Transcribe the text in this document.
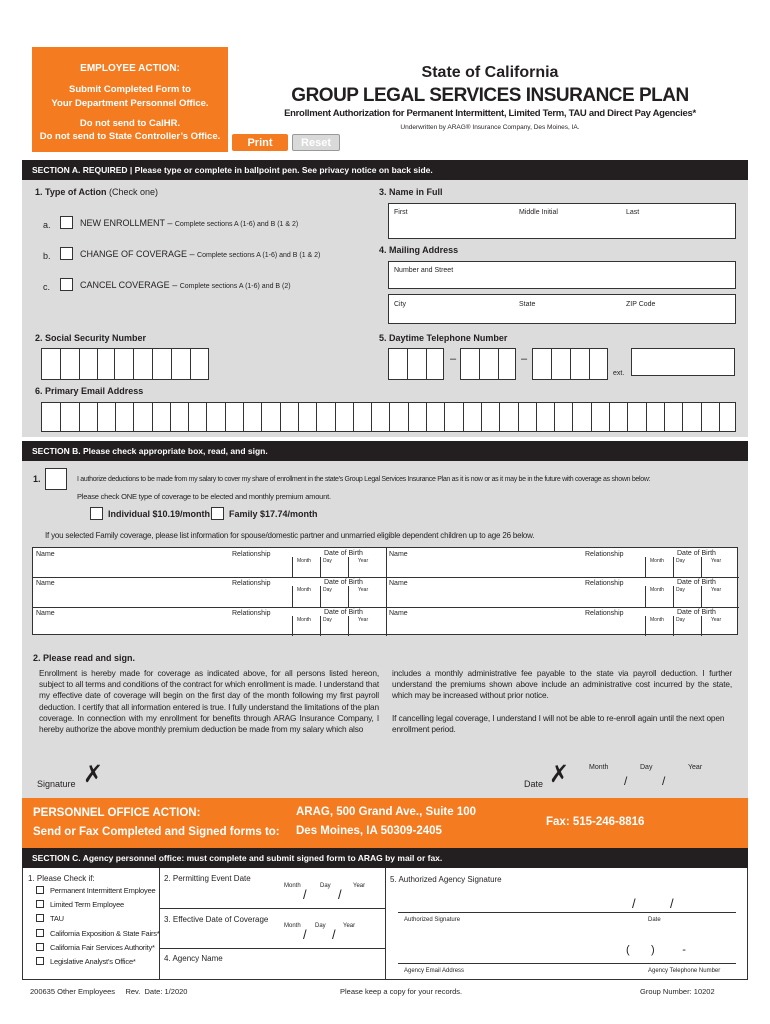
EMPLOYEE ACTION:
Submit Completed Form to
Your Department Personnel Office.
Do not send to CalHR.
Do not send to State Controller’s Office.	Print	Reset
State of California
GROUP LEGAL SERVICES INSURANCE PLAN
Enrollment Authorization for Permanent Intermittent, Limited Term, TAU and Direct Pay Agencies*
Underwritten by ARAG® Insurance Company, Des Moines, IA.
SECTION A. REQUIRED | Please type or complete in ballpoint pen. See privacy notice on back side.
1. Type of Action (Check one)
a.	NEW ENROLLMENT – Complete sections A (1-6) and B (1 & 2)
b.	CHANGE OF COVERAGE – Complete sections A (1-6) and B (1 & 2)
c.	CANCEL COVERAGE – Complete sections A (1-6) and B (2)
3. Name in Full
First	Middle Initial	Last
4. Mailing Address
Number and Street
City	State	ZIP Code
2. Social Security Number	5. Daytime Telephone Number
–	–
ext.
6. Primary Email Address
SECTION B. Please check appropriate box, read, and sign.
1.	I authorize deductions to be made from my salary to cover my share of enrollment in the state’s Group Legal Services Insurance Plan as it is now or as it may be in the future with coverage as shown below:
Please check ONE type of coverage to be elected and monthly premium amount.
Individual $10.19/month Family $17.74/month
If you selected Family coverage, please list information for spouse/domestic partner and unmarried eligible dependent children up to age 26 below.
Name	Relationship	Date of Birth
Month Day	Year
Name	Relationship	Date of Birth
Month Day	Year
Name	Relationship	Date of Birth
Month Day	Year
Name	Relationship	Date of Birth
Month Day	Year
Name	Relationship	Date of Birth
Month Day	Year
Name	Relationship	Date of Birth
Month Day	Year
2. Please read and sign.
Enrollment is hereby made for coverage as indicated above, for all persons listed hereon, subject to all terms and conditions of the contract for which enrollment is made. I understand that my effective date of coverage will begin on the first day of the month following my first payroll deduction. I certify that all information entered is true. I fully understand the limitations of the plan coverage. In connection with my enrollment for benefits through ARAG Insurance Company, I hereby authorize the above monthly premium deduction be made from my salary which also
includes a monthly administrative fee payable to the state via payroll deduction. I further understand the premiums shown above include an administrative cost incurred by the state, which may be increased without prior notice.
If cancelling legal coverage, I understand I will not be able to re-enroll again until the next open enrollment period.
Signature ✗	Date ✗	Month	Day	Year
/	/
PERSONNEL OFFICE ACTION:
Send or Fax Completed and Signed forms to:
ARAG, 500 Grand Ave., Suite 100
Des Moines, IA 50309-2405
Fax: 515-246-8816
SECTION C. Agency personnel office: must complete and submit signed form to ARAG by mail or fax.
1. Please Check if:
Permanent Intermittent Employee
Limited Term Employee
TAU
California Exposition & State Fairs*
California Fair Services Authority*
Legislative Analyst’s Office*
2. Permitting Event Date
Month	Day	Year
/ /
3. Effective Date of Coverage
Month Day	Year
/ /
4. Agency Name
5. Authorized Agency Signature
/	/
Authorized Signature	Date
(       )         -
Agency Email Address	Agency Telephone Number
200635 Other Employees     Rev.  Date: 1/2020	Please keep a copy for your records.	Group Number: 10202
